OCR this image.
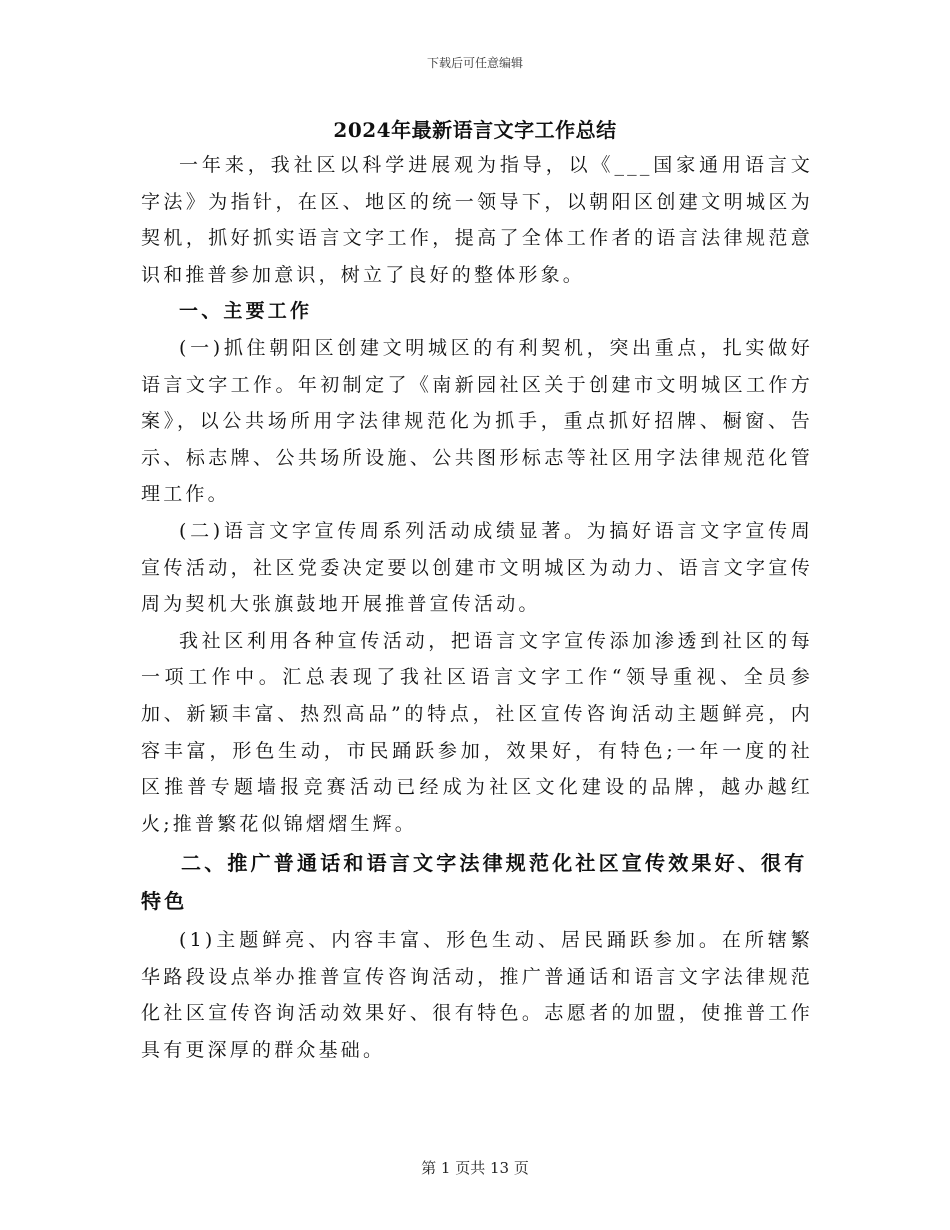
下载后可任意编辑
2024年最新语言文字工作总结

一年来，我社区以科学进展观为指导，以《___国家通用语言文字法》为指针，在区、地区的统一领导下，以朝阳区创建文明城区为契机，抓好抓实语言文字工作，提高了全体工作者的语言法律规范意识和推普参加意识，树立了良好的整体形象。

一、主要工作

(一)抓住朝阳区创建文明城区的有利契机，突出重点，扎实做好语言文字工作。年初制定了《南新园社区关于创建市文明城区工作方案》，以公共场所用字法律规范化为抓手，重点抓好招牌、橱窗、告示、标志牌、公共场所设施、公共图形标志等社区用字法律规范化管理工作。

(二)语言文字宣传周系列活动成绩显著。为搞好语言文字宣传周宣传活动，社区党委决定要以创建市文明城区为动力、语言文字宣传周为契机大张旗鼓地开展推普宣传活动。

我社区利用各种宣传活动，把语言文字宣传添加渗透到社区的每一项工作中。汇总表现了我社区语言文字工作“领导重视、全员参加、新颖丰富、热烈高品”的特点，社区宣传咨询活动主题鲜亮，内容丰富，形色生动，市民踊跃参加，效果好，有特色;一年一度的社区推普专题墙报竞赛活动已经成为社区文化建设的品牌，越办越红火;推普繁花似锦熠熠生辉。

二、推广普通话和语言文字法律规范化社区宣传效果好、很有特色

(1)主题鲜亮、内容丰富、形色生动、居民踊跃参加。在所辖繁华路段设点举办推普宣传咨询活动，推广普通话和语言文字法律规范化社区宣传咨询活动效果好、很有特色。志愿者的加盟，使推普工作具有更深厚的群众基础。

第 1 页共 13 页
